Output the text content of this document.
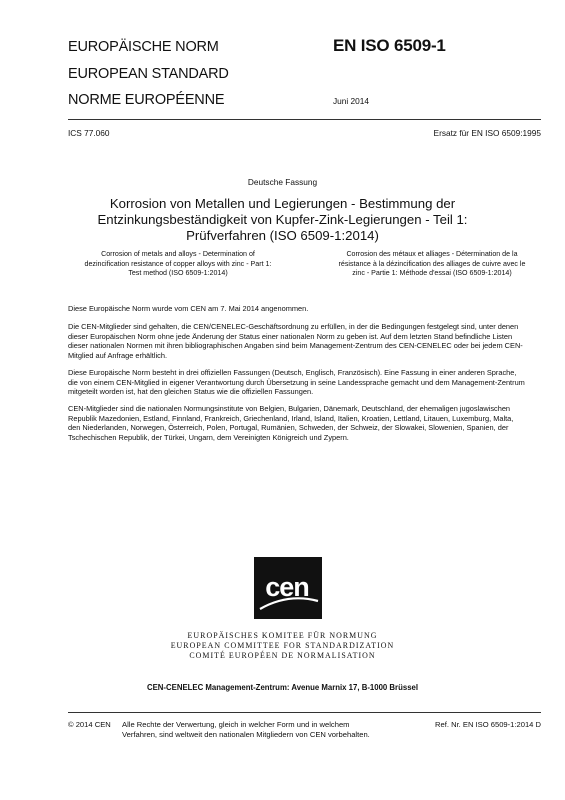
EUROPÄISCHE NORM
EUROPEAN STANDARD
NORME EUROPÉENNE
EN ISO 6509-1
Juni 2014
ICS 77.060	Ersatz für EN ISO 6509:1995
Deutsche Fassung
Korrosion von Metallen und Legierungen - Bestimmung der
Entzinkungsbeständigkeit von Kupfer-Zink-Legierungen - Teil 1:
Prüfverfahren (ISO 6509-1:2014)
Corrosion of metals and alloys - Determination of
dezincification resistance of copper alloys with zinc - Part 1:
Test method (ISO 6509-1:2014)
Corrosion des métaux et alliages - Détermination de la
résistance à la dézincification des alliages de cuivre avec le
zinc - Partie 1: Méthode d'essai (ISO 6509-1:2014)
Diese Europäische Norm wurde vom CEN am 7. Mai 2014 angenommen.
Die CEN-Mitglieder sind gehalten, die CEN/CENELEC-Geschäftsordnung zu erfüllen, in der die Bedingungen festgelegt sind, unter denen
dieser Europäischen Norm ohne jede Änderung der Status einer nationalen Norm zu geben ist. Auf dem letzten Stand befindliche Listen
dieser nationalen Normen mit ihren bibliographischen Angaben sind beim Management-Zentrum des CEN-CENELEC oder bei jedem CEN-
Mitglied auf Anfrage erhältlich.
Diese Europäische Norm besteht in drei offiziellen Fassungen (Deutsch, Englisch, Französisch). Eine Fassung in einer anderen Sprache,
die von einem CEN-Mitglied in eigener Verantwortung durch Übersetzung in seine Landessprache gemacht und dem Management-Zentrum
mitgeteilt worden ist, hat den gleichen Status wie die offiziellen Fassungen.
CEN-Mitglieder sind die nationalen Normungsinstitute von Belgien, Bulgarien, Dänemark, Deutschland, der ehemaligen jugoslawischen
Republik Mazedonien, Estland, Finnland, Frankreich, Griechenland, Irland, Island, Italien, Kroatien, Lettland, Litauen, Luxemburg, Malta,
den Niederlanden, Norwegen, Österreich, Polen, Portugal, Rumänien, Schweden, der Schweiz, der Slowakei, Slowenien, Spanien, der
Tschechischen Republik, der Türkei, Ungarn, dem Vereinigten Königreich und Zypern.
cen
EUROPÄISCHES KOMITEE FÜR NORMUNG
EUROPEAN COMMITTEE FOR STANDARDIZATION
COMITÉ EUROPÉEN DE NORMALISATION
CEN-CENELEC Management-Zentrum: Avenue Marnix 17, B-1000 Brüssel
© 2014 CEN Alle Rechte der Verwertung, gleich in welcher Form und in welchem
Verfahren, sind weltweit den nationalen Mitgliedern von CEN vorbehalten.
Ref. Nr. EN ISO 6509-1:2014 D
